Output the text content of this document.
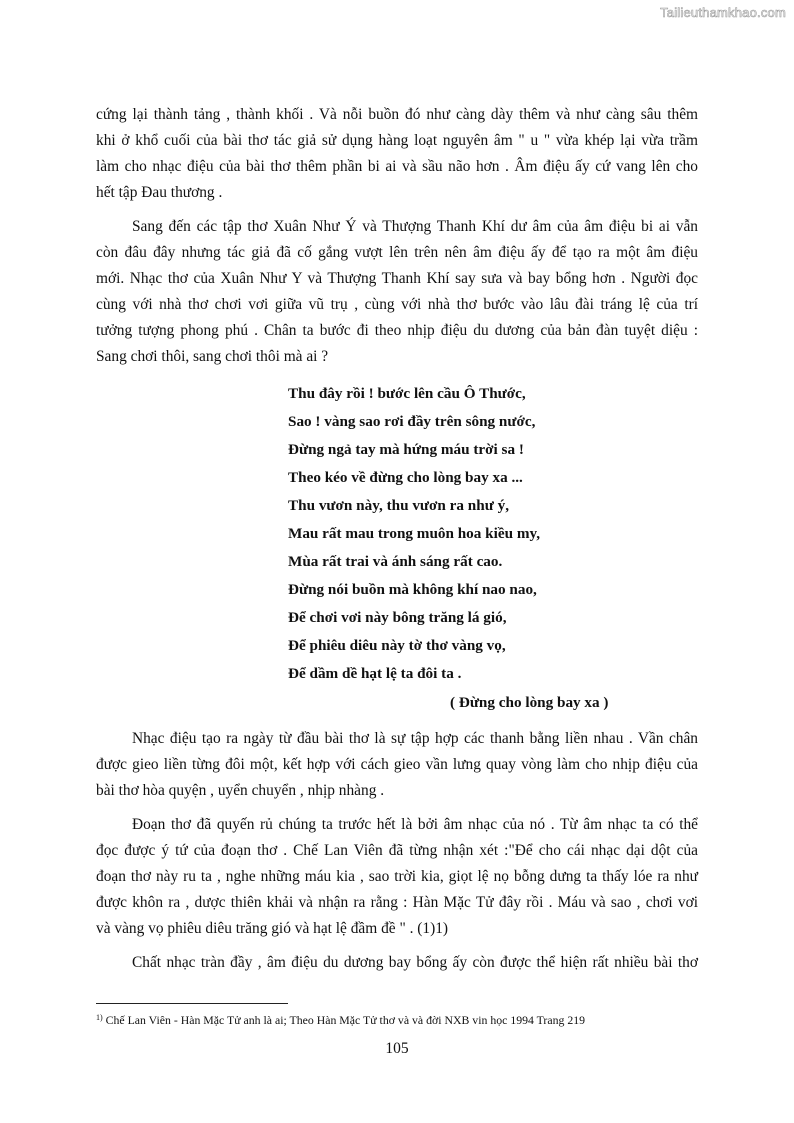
Tailieuthamkhao.com

cứng lại thành tảng , thành khối . Và nỗi buồn đó như càng dày thêm và như càng sâu thêm
khi ở khổ cuối của bài thơ tác giả sử dụng hàng loạt nguyên âm " u " vừa khép lại vừa trầm
làm cho nhạc điệu của bài thơ thêm phần bi ai và sầu não hơn . Âm điệu ấy cứ vang lên cho
hết tập Đau thương .

Sang đến các tập thơ Xuân Như Ý và Thượng Thanh Khí dư âm của âm điệu bi ai vẫn
còn đâu đây nhưng tác giả đã cố gắng vượt lên trên nên âm điệu ấy để tạo ra một âm điệu
mới. Nhạc thơ của Xuân Như Y và Thượng Thanh Khí say sưa và bay bổng hơn . Người đọc
cùng với nhà thơ chơi vơi giữa vũ trụ , cùng với nhà thơ bước vào lâu đài tráng lệ của trí
tưởng tượng phong phú . Chân ta bước đi theo nhịp điệu du dương của bản đàn tuyệt diệu :
Sang chơi thôi, sang chơi thôi mà ai ?

Thu đây rồi ! bước lên cầu Ô Thước,
Sao ! vàng sao rơi đầy trên sông nước,
Đừng ngả tay mà hứng máu trời sa !
Theo kéo về đừng cho lòng bay xa ...
Thu vươn này, thu vươn ra như ý,
Mau rất mau trong muôn hoa kiều my,
Mùa rất trai và ánh sáng rất cao.
Đừng nói buồn mà không khí nao nao,
Để chơi vơi này bông trăng lá gió,
Để phiêu diêu này tờ thơ vàng vọ,
Để dầm dề hạt lệ ta đôi ta .
( Đừng cho lòng bay xa )

Nhạc điệu tạo ra ngày từ đầu bài thơ là sự tập hợp các thanh bằng liền nhau . Vần chân
được gieo liền từng đôi một, kết hợp với cách gieo vần lưng quay vòng làm cho nhịp điệu của
bài thơ hòa quyện , uyển chuyển , nhịp nhàng .

Đoạn thơ đã quyến rủ chúng ta trước hết là bởi âm nhạc của nó . Từ âm nhạc ta có thể
đọc được ý tứ của đoạn thơ . Chế Lan Viên đã từng nhận xét :"Để cho cái nhạc dại dột của
đoạn thơ này ru ta , nghe những máu kia , sao trời kia, giọt lệ nọ bỗng dưng ta thấy lóe ra như
được khôn ra , dược thiên khải và nhận ra rằng : Hàn Mặc Tử đây rồi . Máu và sao , chơi vơi
và vàng vọ phiêu diêu trăng gió và hạt lệ đầm đề " . (1)1)

Chất nhạc tràn đầy , âm điệu du dương bay bổng ấy còn được thể hiện rất nhiều bài thơ

$^{1)}$ Chế Lan Viên - Hàn Mặc Tử anh là ai; Theo Hàn Mặc Tử thơ và và đời NXB vin học 1994 Trang 219
105
